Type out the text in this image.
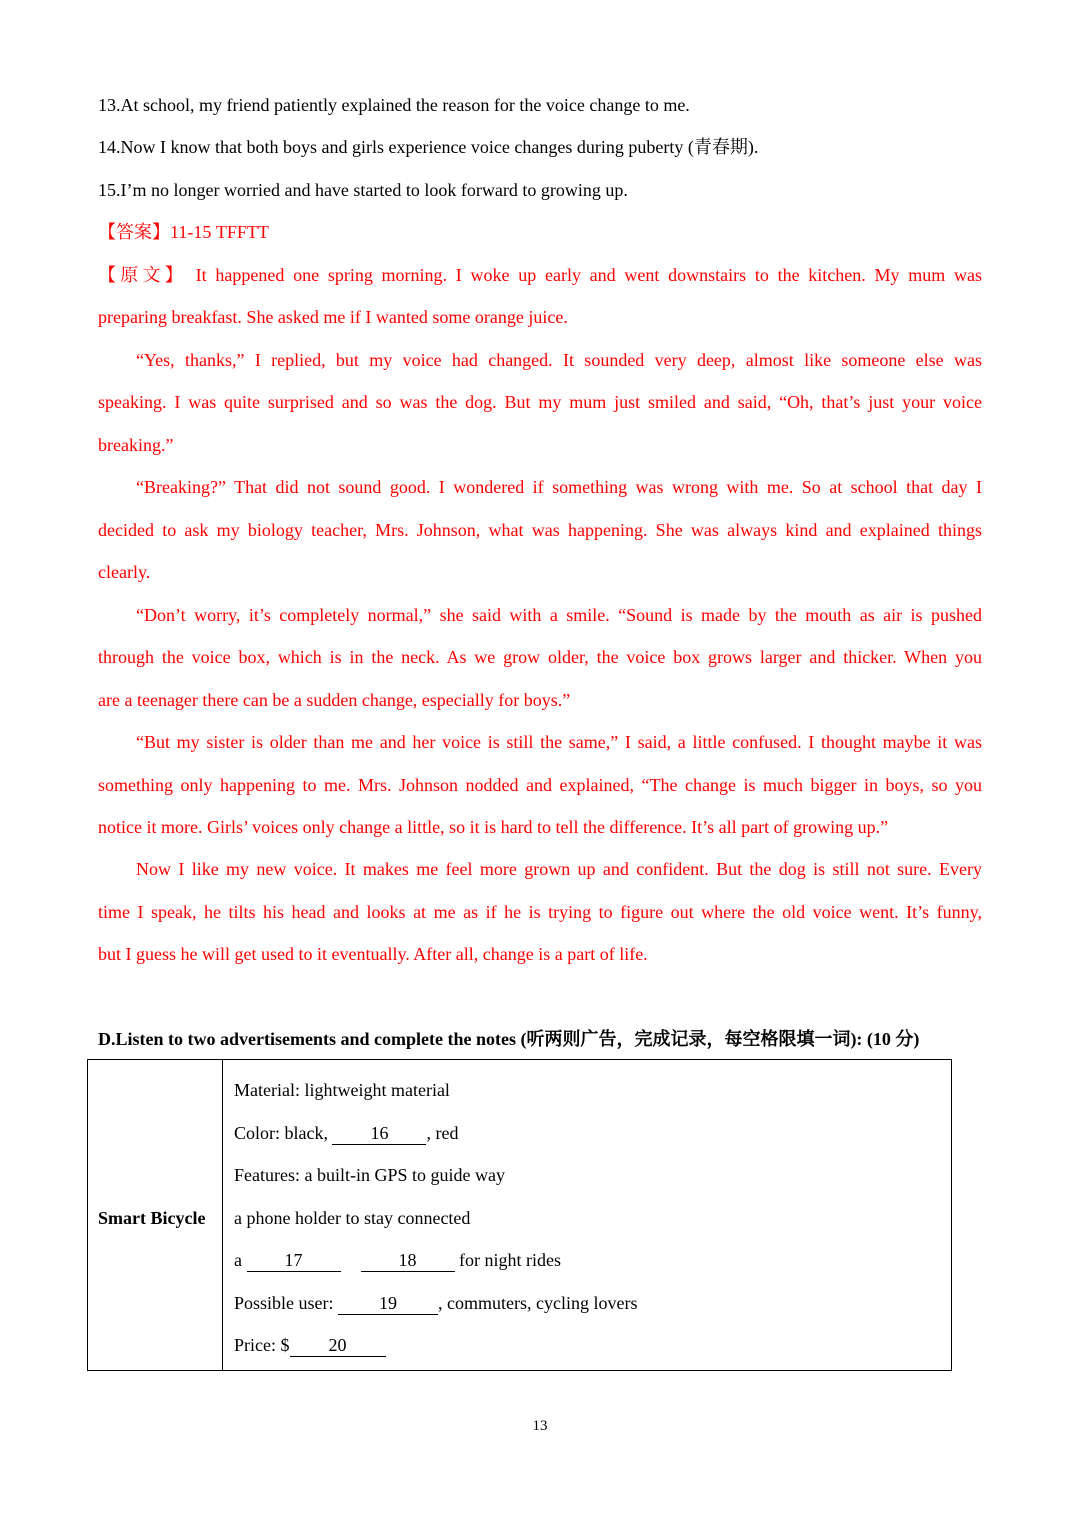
13.At school, my friend patiently explained the reason for the voice change to me.
14.Now I know that both boys and girls experience voice changes during puberty (青春期).
15.I’m no longer worried and have started to look forward to growing up.
【答案】11-15 TFFTT
【原文】 It happened one spring morning. I woke up early and went downstairs to the kitchen. My mum was
preparing breakfast. She asked me if I wanted some orange juice.
“Yes, thanks,” I replied, but my voice had changed. It sounded very deep, almost like someone else was
speaking. I was quite surprised and so was the dog. But my mum just smiled and said, “Oh, that’s just your voice
breaking.”
“Breaking?” That did not sound good. I wondered if something was wrong with me. So at school that day I
decided to ask my biology teacher, Mrs. Johnson, what was happening. She was always kind and explained things
clearly.
“Don’t worry, it’s completely normal,” she said with a smile. “Sound is made by the mouth as air is pushed
through the voice box, which is in the neck. As we grow older, the voice box grows larger and thicker. When you
are a teenager there can be a sudden change, especially for boys.”
“But my sister is older than me and her voice is still the same,” I said, a little confused. I thought maybe it was
something only happening to me. Mrs. Johnson nodded and explained, “The change is much bigger in boys, so you
notice it more. Girls’ voices only change a little, so it is hard to tell the difference. It’s all part of growing up.”
Now I like my new voice. It makes me feel more grown up and confident. But the dog is still not sure. Every
time I speak, he tilts his head and looks at me as if he is trying to figure out where the old voice went. It’s funny,
but I guess he will get used to it eventually. After all, change is a part of life.
D.Listen to two advertisements and complete the notes (听两则广告，完成记录，每空格限填一词): (10 分)
Smart Bicycle
Material: lightweight material
Color: black, 16 , red
Features: a built-in GPS to guide way
a phone holder to stay connected
a 17	18 for night rides
Possible user: 19 , commuters, cycling lovers
Price: $ 20
13
